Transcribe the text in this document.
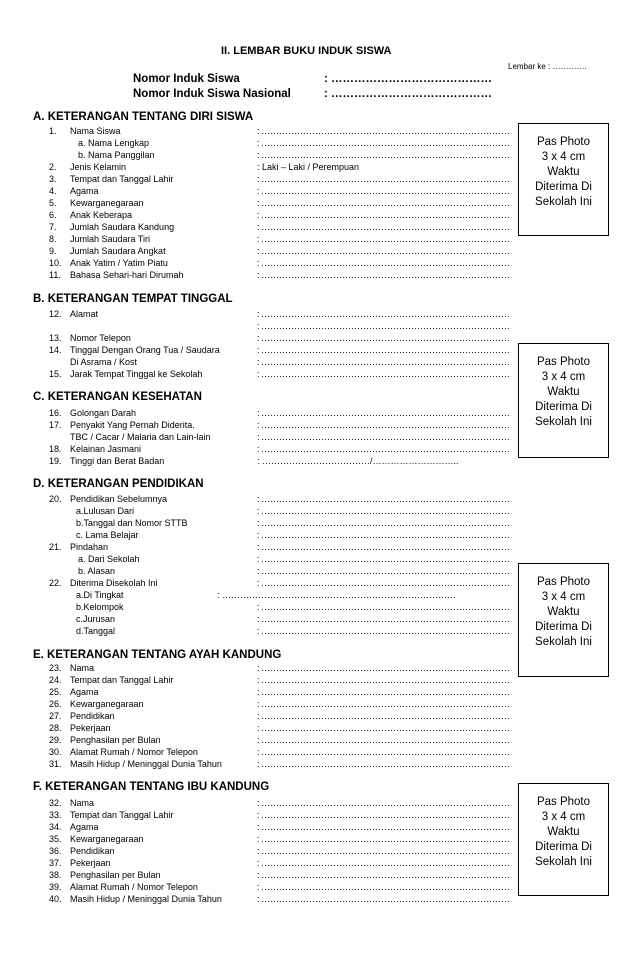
II. LEMBAR BUKU INDUK SISWA
Lembar ke : ………….
Nomor Induk Siswa	: ……………………………………
Nomor Induk Siswa Nasional	: ……………………………………
A. KETERANGAN TENTANG DIRI SISWA
1. Nama Siswa	:
……………………………………………………………………………………………………………………
a. Nama Lengkap	:
……………………………………………………………………………………………………………………
b. Nama Panggilan	:
……………………………………………………………………………………………………………………
2. Jenis Kelamin	: Laki – Laki / Perempuan
3. Tempat dan Tanggal Lahir	:
……………………………………………………………………………………………………………………
4. Agama	:
……………………………………………………………………………………………………………………
5. Kewarganegaraan	:
……………………………………………………………………………………………………………………
6. Anak Keberapa	:
……………………………………………………………………………………………………………………
7. Jumlah Saudara Kandung	:
……………………………………………………………………………………………………………………
8. Jumlah Saudara Tiri	:
……………………………………………………………………………………………………………………
9. Jumlah Saudara Angkat	:
……………………………………………………………………………………………………………………
10. Anak Yatim / Yatim Piatu	:
……………………………………………………………………………………………………………………
11. Bahasa Sehari-hari Dirumah	:
……………………………………………………………………………………………………………………
B. KETERANGAN TEMPAT TINGGAL
12. Alamat	:
……………………………………………………………………………………………………………………
:
……………………………………………………………………………………………………………………
13. Nomor Telepon	:
……………………………………………………………………………………………………………………
14. Tinggal Dengan Orang Tua / Saudara	:
……………………………………………………………………………………………………………………
Di Asrama / Kost	:
……………………………………………………………………………………………………………………
15. Jarak Tempat Tinggal ke Sekolah	:
……………………………………………………………………………………………………………………
C. KETERANGAN KESEHATAN
16. Golongan Darah	:
……………………………………………………………………………………………………………………
17. Penyakit Yang Pernah Diderita.	:
……………………………………………………………………………………………………………………
TBC / Cacar / Malaria dan Lain-lain	:
……………………………………………………………………………………………………………………
18. Kelainan Jasmani	:
……………………………………………………………………………………………………………………
19. Tinggi dan Berat Badan	: ………………………………/………………………..
D. KETERANGAN PENDIDIKAN
20. Pendidikan Sebelumnya	:
……………………………………………………………………………………………………………………
a.Lulusan Dari	:
……………………………………………………………………………………………………………………
b.Tanggal dan Nomor STTB	:
……………………………………………………………………………………………………………………
c. Lama Belajar	:
……………………………………………………………………………………………………………………
21. Pindahan	:
……………………………………………………………………………………………………………………
a. Dari Sekolah	:
……………………………………………………………………………………………………………………
b. Alasan	:
……………………………………………………………………………………………………………………
22. Diterima Disekolah Ini	:
……………………………………………………………………………………………………………………
a.Di Tingkat	: ……………………………………………………………………
b.Kelompok	:
……………………………………………………………………………………………………………………
c.Jurusan	:
……………………………………………………………………………………………………………………
d.Tanggal	:
……………………………………………………………………………………………………………………
E. KETERANGAN TENTANG AYAH KANDUNG
23. Nama	:
……………………………………………………………………………………………………………………
24. Tempat dan Tanggal Lahir	:
……………………………………………………………………………………………………………………
25. Agama	:
……………………………………………………………………………………………………………………
26. Kewarganegaraan	:
……………………………………………………………………………………………………………………
27. Pendidikan	:
……………………………………………………………………………………………………………………
28. Pekerjaan	:
……………………………………………………………………………………………………………………
29. Penghasilan per Bulan	:
……………………………………………………………………………………………………………………
30. Alamat Rumah / Nomor Telepon	:
……………………………………………………………………………………………………………………
31. Masih Hidup / Meninggal Dunia Tahun	:
……………………………………………………………………………………………………………………
F. KETERANGAN TENTANG IBU KANDUNG
32. Nama	:
……………………………………………………………………………………………………………………
33. Tempat dan Tanggal Lahir	:
……………………………………………………………………………………………………………………
34. Agama	:
……………………………………………………………………………………………………………………
35. Kewarganegaraan	:
……………………………………………………………………………………………………………………
36. Pendidikan	:
……………………………………………………………………………………………………………………
37. Pekerjaan	:
……………………………………………………………………………………………………………………
38. Penghasilan per Bulan	:
……………………………………………………………………………………………………………………
39. Alamat Rumah / Nomor Telepon	:
……………………………………………………………………………………………………………………
40. Masih Hidup / Meninggal Dunia Tahun	:
……………………………………………………………………………………………………………………
Pas Photo
3 x 4 cm
Waktu
Diterima Di
Sekolah Ini
Pas Photo
3 x 4 cm
Waktu
Diterima Di
Sekolah Ini
Pas Photo
3 x 4 cm
Waktu
Diterima Di
Sekolah Ini
Pas Photo
3 x 4 cm
Waktu
Diterima Di
Sekolah Ini
